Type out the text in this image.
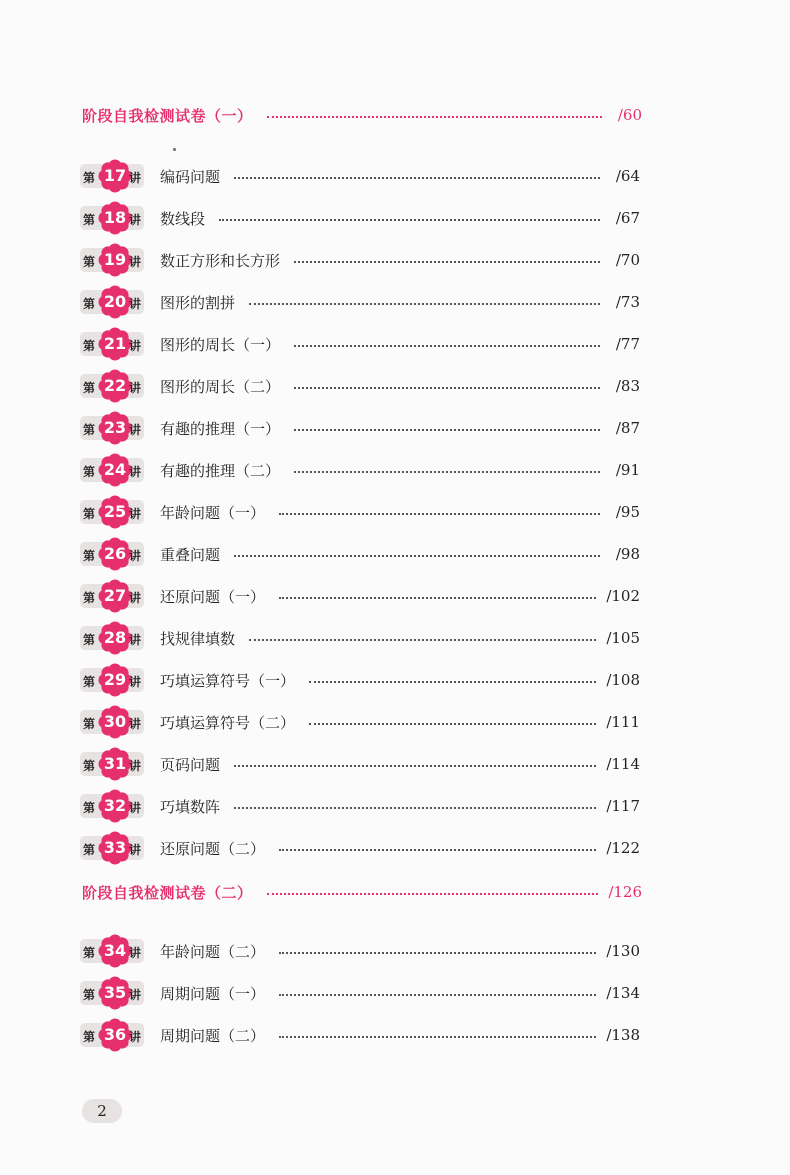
阶段自我检测试卷（一）	/60
第 17 讲 编码问题	/64
第 18 讲 数线段	/67
第 19 讲 数正方形和长方形	/70
第 20 讲 图形的割拼	/73
第 21 讲 图形的周长（一）	/77
第 22 讲 图形的周长（二）	/83
第 23 讲 有趣的推理（一）	/87
第 24 讲 有趣的推理（二）	/91
第 25 讲 年龄问题（一）	/95
第 26 讲 重叠问题	/98
第 27 讲 还原问题（一）	/102
第 28 讲 找规律填数	/105
第 29 讲 巧填运算符号（一）	/108
第 30 讲 巧填运算符号（二）	/111
第 31 讲 页码问题	/114
第 32 讲 巧填数阵	/117
第 33 讲 还原问题（二）	/122
阶段自我检测试卷（二）	/126
第 34 讲 年龄问题（二）	/130
第 35 讲 周期问题（一）	/134
第 36 讲 周期问题（二）	/138
2
